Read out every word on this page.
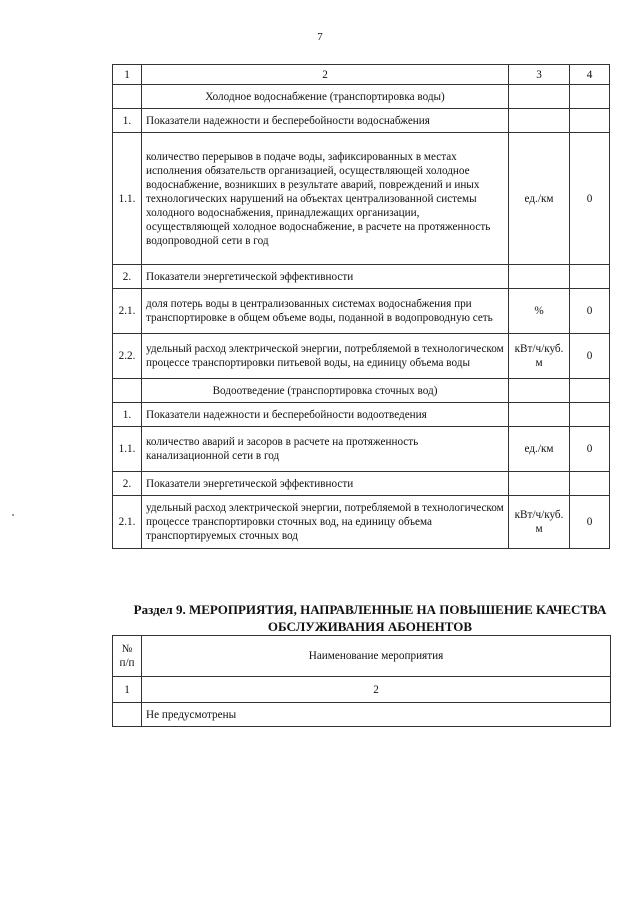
7
1	2	3	4
	Холодное водоснабжение (транспортировка воды)		
1.	Показатели надежности и бесперебойности водоснабжения		
1.1.	количество перерывов в подаче воды, зафиксированных в местах исполнения обязательств организацией, осуществляющей холодное водоснабжение, возникших в результате аварий, повреждений и иных технологических нарушений на объектах централизованной системы холодного водоснабжения, принадлежащих организации, осуществляющей холодное водоснабжение, в расчете на протяженность водопроводной сети в год	ед./км	0
2.	Показатели энергетической эффективности		
2.1.	доля потерь воды в централизованных системах водоснабжения при транспортировке в общем объеме воды, поданной в водопроводную сеть	%	0
2.2.	удельный расход электрической энергии, потребляемой в технологическом процессе транспортировки питьевой воды, на единицу объема воды	кВт/ч/куб. м	0
	Водоотведение (транспортировка сточных вод)		
1.	Показатели надежности и бесперебойности водоотведения		
1.1.	количество аварий и засоров в расчете на протяженность канализационной сети в год	ед./км	0
2.	Показатели энергетической эффективности		
2.1.	удельный расход электрической энергии, потребляемой в технологическом процессе транспортировки сточных вод, на единицу объема транспортируемых сточных вод	кВт/ч/куб. м	0
Раздел 9. МЕРОПРИЯТИЯ, НАПРАВЛЕННЫЕ НА ПОВЫШЕНИЕ КАЧЕСТВА ОБСЛУЖИВАНИЯ АБОНЕНТОВ
№ п/п	Наименование мероприятия
1	2
	Не предусмотрены
